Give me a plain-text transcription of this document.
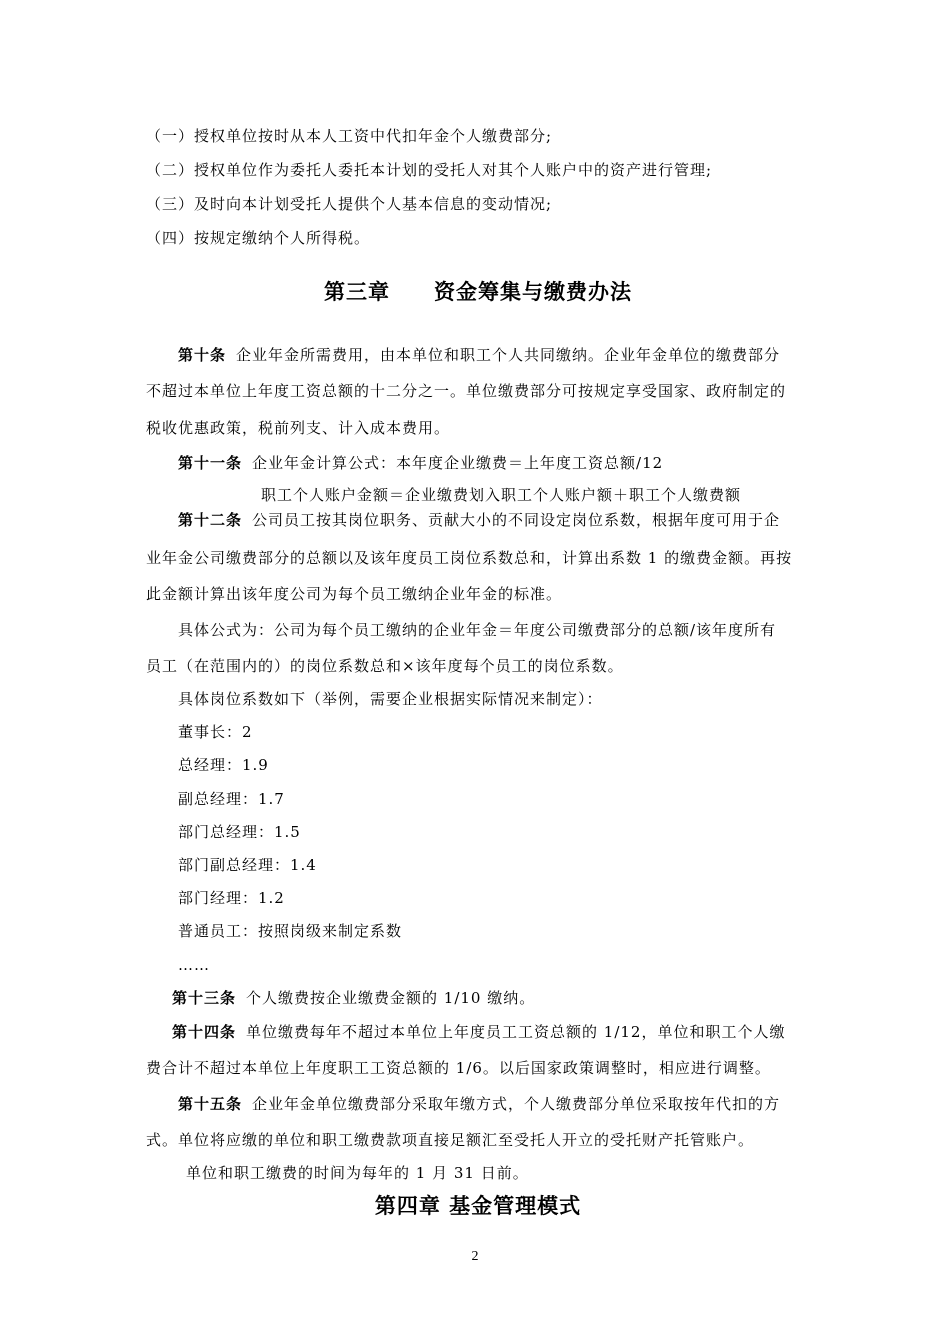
（一）授权单位按时从本人工资中代扣年金个人缴费部分;
（二）授权单位作为委托人委托本计划的受托人对其个人账户中的资产进行管理;
（三）及时向本计划受托人提供个人基本信息的变动情况;
（四）按规定缴纳个人所得税。
第三章　　资金筹集与缴费办法
第十条 企业年金所需费用，由本单位和职工个人共同缴纳。企业年金单位的缴费部分
不超过本单位上年度工资总额的十二分之一。单位缴费部分可按规定享受国家、政府制定的
税收优惠政策，税前列支、计入成本费用。
第十一条 企业年金计算公式：本年度企业缴费＝上年度工资总额/12
职工个人账户金额＝企业缴费划入职工个人账户额＋职工个人缴费额
第十二条 公司员工按其岗位职务、贡献大小的不同设定岗位系数，根据年度可用于企
业年金公司缴费部分的总额以及该年度员工岗位系数总和，计算出系数 1 的缴费金额。再按
此金额计算出该年度公司为每个员工缴纳企业年金的标准。
具体公式为：公司为每个员工缴纳的企业年金＝年度公司缴费部分的总额/该年度所有
员工（在范围内的）的岗位系数总和×该年度每个员工的岗位系数。
具体岗位系数如下（举例，需要企业根据实际情况来制定）：
董事长：2
总经理：1.9
副总经理：1.7
部门总经理：1.5
部门副总经理：1.4
部门经理：1.2
普通员工：按照岗级来制定系数
……
第十三条 个人缴费按企业缴费金额的 1/10 缴纳。
第十四条 单位缴费每年不超过本单位上年度员工工资总额的 1/12，单位和职工个人缴
费合计不超过本单位上年度职工工资总额的 1/6。以后国家政策调整时，相应进行调整。
第十五条 企业年金单位缴费部分采取年缴方式，个人缴费部分单位采取按年代扣的方
式。单位将应缴的单位和职工缴费款项直接足额汇至受托人开立的受托财产托管账户。
单位和职工缴费的时间为每年的 1 月 31 日前。
第四章 基金管理模式
2
